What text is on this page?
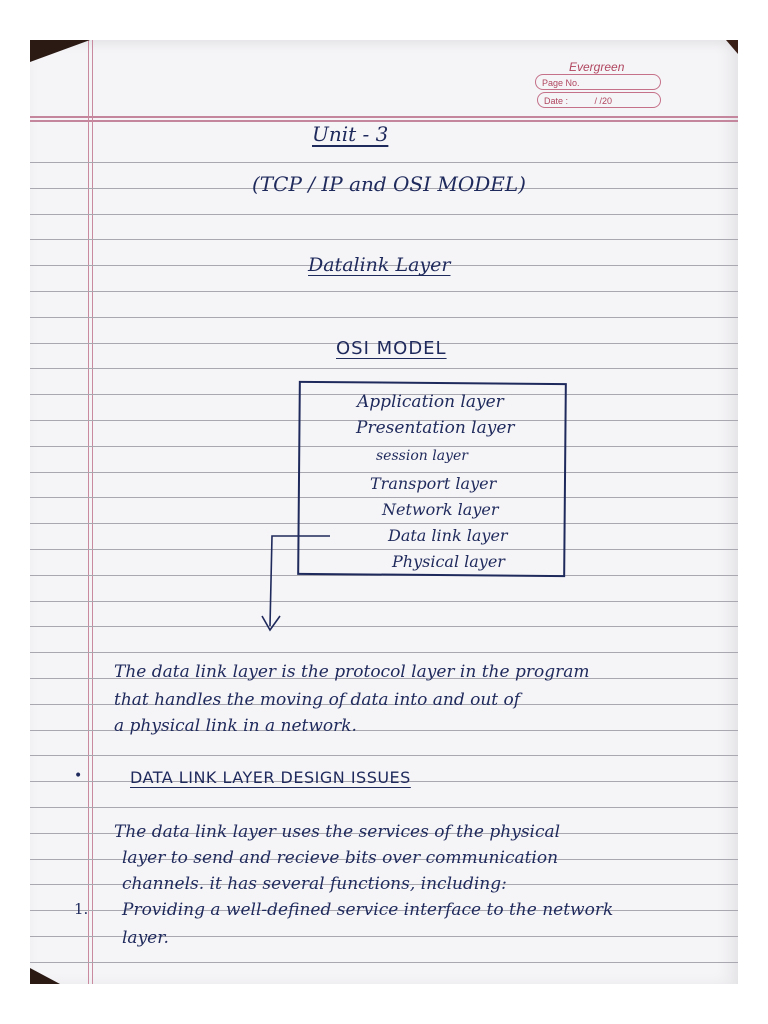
Evergreen
Page No.
Date :	/ /20
Unit - 3
(TCP / IP and OSI MODEL)
Datalink Layer
OSI MODEL
Application layer
Presentation layer
session layer
Transport layer
Network layer
Data link layer
Physical layer
The data link layer is the protocol layer in the program
that handles the moving of data into and out of
a physical link in a network.
•	DATA LINK LAYER DESIGN ISSUES
The data link layer uses the services of the physical
layer to send and recieve bits over communication
channels. it has several functions, including:
1. Providing a well-defined service interface to the network
layer.
